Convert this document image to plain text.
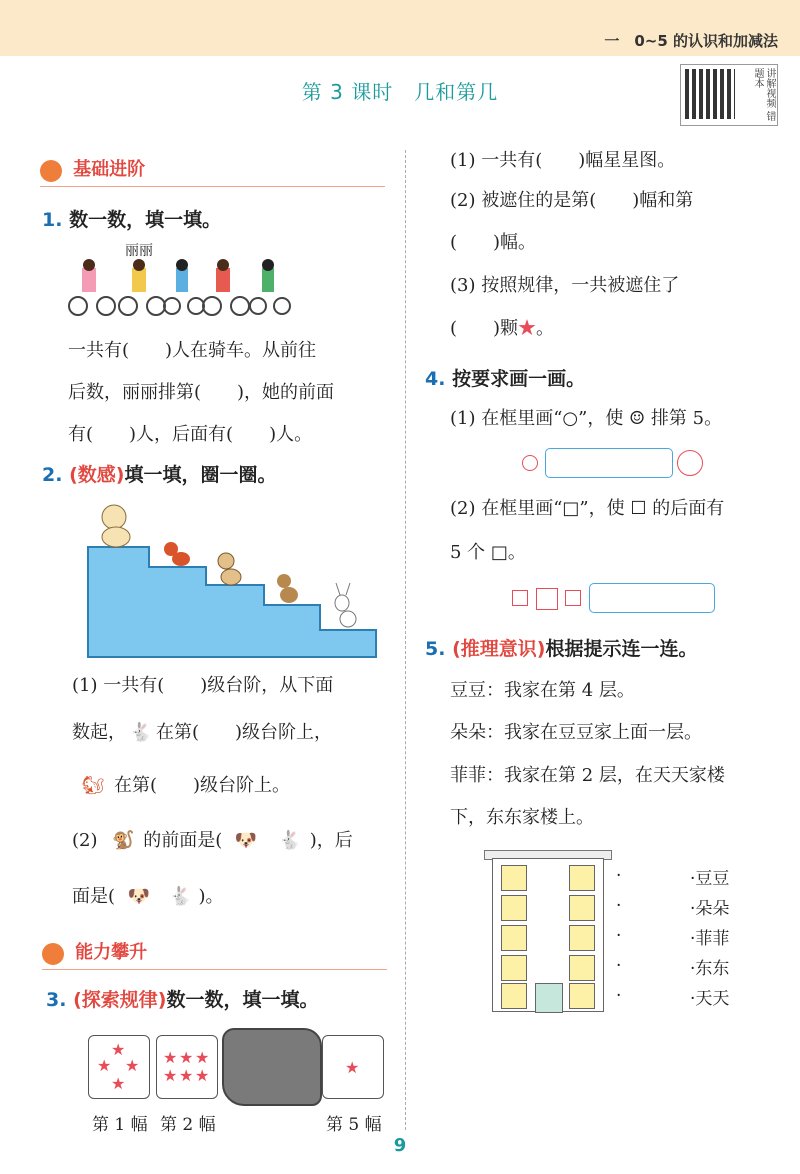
一　0~5 的认识和加减法
第 3 课时　几和第几	讲解视频 错题本
基础进阶
1. 数一数，填一填。
丽丽
一共有(　　)人在骑车。从前往
后数，丽丽排第(　　)，她的前面
有(　　)人，后面有(　　)人。
2. (数感)填一填，圈一圈。
(1) 一共有(　　)级台阶，从下面
数起， 🐇 在第(　　)级台阶上，
🐿 在第(　　)级台阶上。
(2) 🐒 的前面是( 🐶 🐇 )，后
面是( 🐶 🐇 )。
能力攀升
3. (探索规律)数一数，填一填。
★
★ ★
★
★ ★ ★
★ ★ ★	★
第 1 幅 第 2 幅	第 5 幅
(1) 一共有(　　)幅星星图。
(2) 被遮住的是第(　　)幅和第
(　　)幅。
(3) 按照规律，一共被遮住了
(　　)颗★。
4. 按要求画一画。
(1) 在框里画“○”，使 ☺ 排第 5。
(2) 在框里画“□”，使 ☐ 的后面有
5 个 □。
5. (推理意识)根据提示连一连。
豆豆：我家在第 4 层。
朵朵：我家在豆豆家上面一层。
菲菲：我家在第 2 层，在天天家楼
下，东东家楼上。
·
·
·
·
·
·豆豆
·朵朵
·菲菲
·东东
·天天
9
